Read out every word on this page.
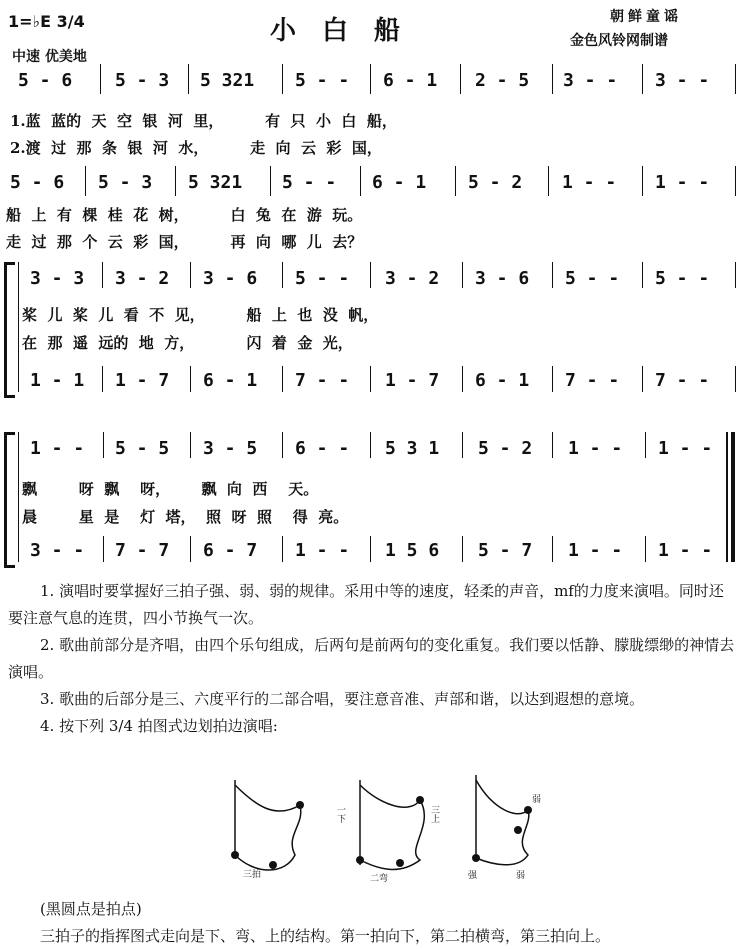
1=♭E 3/4
中速 优美地
小白船	朝鲜童谣
金色风铃网制谱
5 - 6 5 - 3 5 321 5 - - 6 - 1 2 - 5 3 - - 3 - -
1.蓝  蓝的  天  空  银  河  里，        有  只  小  白  船，
2.渡  过  那  条  银  河  水，        走  向  云  彩  国，
5 - 6 5 - 3 5 321 5 - - 6 - 1 5 - 2 1 - - 1 - -
船  上  有  棵  桂  花  树，        白  兔  在  游  玩。
走  过  那  个  云  彩  国，        再  向  哪  儿  去？
3 - 3 3 - 2 3 - 6 5 - - 3 - 2 3 - 6 5 - - 5 - -
桨  儿  桨  儿  看  不  见，        船  上  也  没  帆，
在  那  遥  远的  地  方，          闪  着  金  光，
1 - 1 1 - 7 6 - 1 7 - - 1 - 7 6 - 1 7 - - 7 - -
1 - - 5 - 5 3 - 5 6 - - 5 3 1 5 - 2 1 - - 1 - -
飘        呀  飘    呀，      飘  向  西    天。
晨        星  是    灯  塔，  照  呀  照    得  亮。
3 - - 7 - 7 6 - 7 1 - - 1 5 6 5 - 7 1 - - 1 - -

1. 演唱时要掌握好三拍子强、弱、弱的规律。采用中等的速度，轻柔的声音，mf的力度来演唱。同时还要注意气息的连贯，四小节换气一次。

2. 歌曲前部分是齐唱，由四个乐句组成，后两句是前两句的变化重复。我们要以恬静、朦胧缥缈的神情去演唱。

3. 歌曲的后部分是三、六度平行的二部合唱，要注意音准、声部和谐，以达到遐想的意境。

4. 按下列 3/4 拍图式边划拍边演唱:

三拍
一下	三上
二弯	强
弱
弱
(黑圆点是拍点)
三拍子的指挥图式走向是下、弯、上的结构。第一拍向下，第二拍横弯，第三拍向上。
